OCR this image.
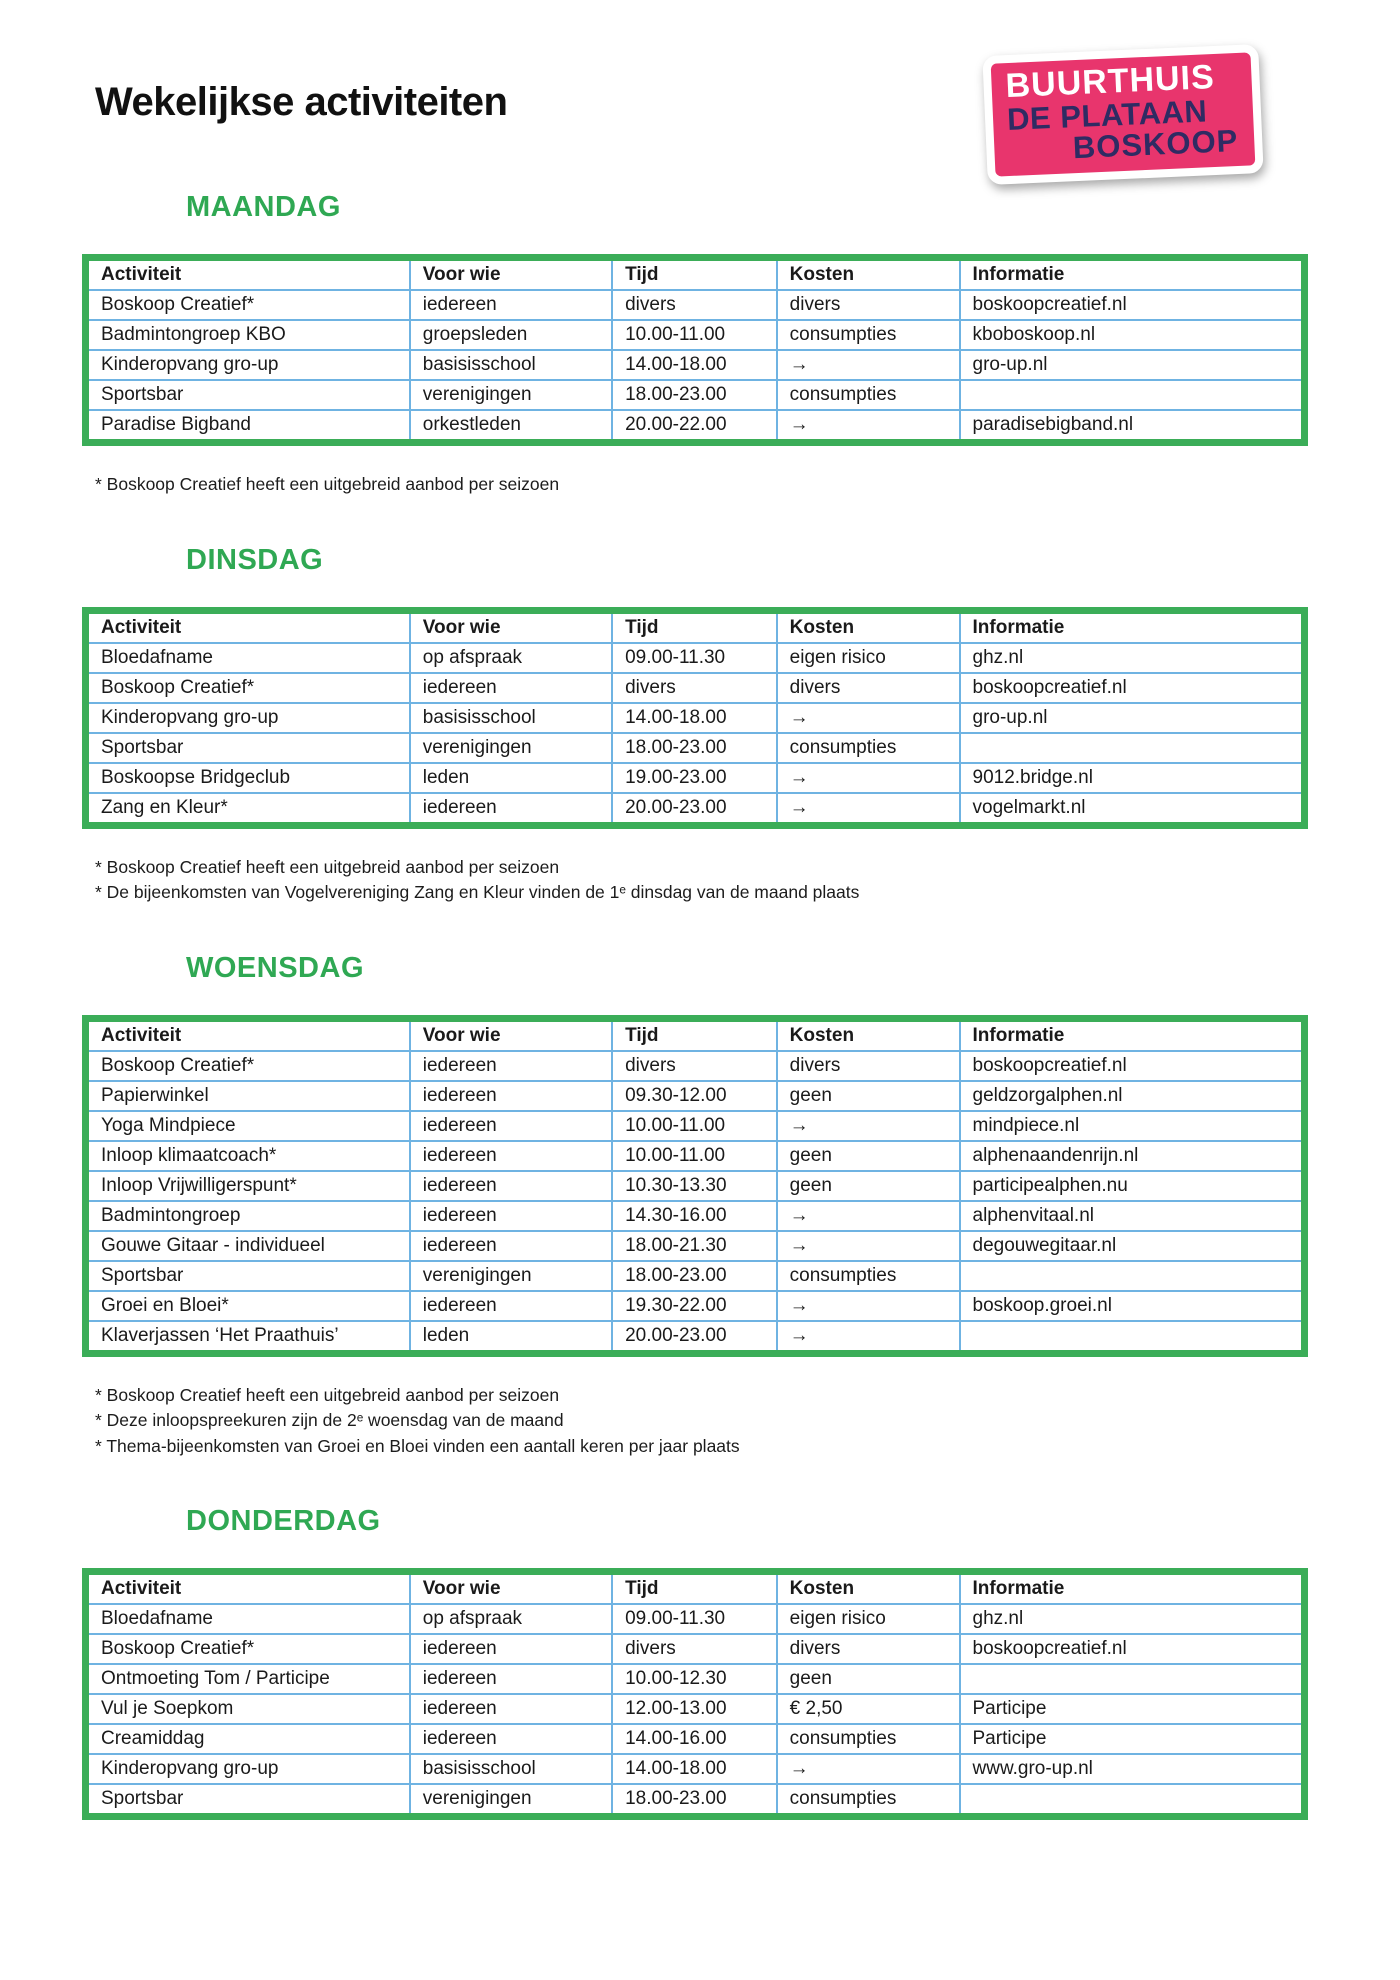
Wekelijkse activiteiten	BUURTHUIS
DE PLATAAN
BOSKOOP
MAANDAG
Activiteit	Voor wie	Tijd	Kosten	Informatie
Boskoop Creatief*	iedereen	divers	divers	boskoopcreatief.nl
Badmintongroep KBO	groepsleden	10.00-11.00	consumpties	kboboskoop.nl
Kinderopvang gro-up	basisisschool	14.00-18.00	→	gro-up.nl
Sportsbar	verenigingen	18.00-23.00	consumpties	
Paradise Bigband	orkestleden	20.00-22.00	→	paradisebigband.nl
* Boskoop Creatief heeft een uitgebreid aanbod per seizoen
DINSDAG
Activiteit	Voor wie	Tijd	Kosten	Informatie
Bloedafname	op afspraak	09.00-11.30	eigen risico	ghz.nl
Boskoop Creatief*	iedereen	divers	divers	boskoopcreatief.nl
Kinderopvang gro-up	basisisschool	14.00-18.00	→	gro-up.nl
Sportsbar	verenigingen	18.00-23.00	consumpties	
Boskoopse Bridgeclub	leden	19.00-23.00	→	9012.bridge.nl
Zang en Kleur*	iedereen	20.00-23.00	→	vogelmarkt.nl
* Boskoop Creatief heeft een uitgebreid aanbod per seizoen
* De bijeenkomsten van Vogelvereniging Zang en Kleur vinden de 1ᵉ dinsdag van de maand plaats
WOENSDAG
Activiteit	Voor wie	Tijd	Kosten	Informatie
Boskoop Creatief*	iedereen	divers	divers	boskoopcreatief.nl
Papierwinkel	iedereen	09.30-12.00	geen	geldzorgalphen.nl
Yoga Mindpiece	iedereen	10.00-11.00	→	mindpiece.nl
Inloop klimaatcoach*	iedereen	10.00-11.00	geen	alphenaandenrijn.nl
Inloop Vrijwilligerspunt*	iedereen	10.30-13.30	geen	participealphen.nu
Badmintongroep	iedereen	14.30-16.00	→	alphenvitaal.nl
Gouwe Gitaar - individueel	iedereen	18.00-21.30	→	degouwegitaar.nl
Sportsbar	verenigingen	18.00-23.00	consumpties	
Groei en Bloei*	iedereen	19.30-22.00	→	boskoop.groei.nl
Klaverjassen ‘Het Praathuis’	leden	20.00-23.00	→	
* Boskoop Creatief heeft een uitgebreid aanbod per seizoen
* Deze inloopspreekuren zijn de 2ᵉ woensdag van de maand
* Thema-bijeenkomsten van Groei en Bloei vinden een aantall keren per jaar plaats
DONDERDAG
Activiteit	Voor wie	Tijd	Kosten	Informatie
Bloedafname	op afspraak	09.00-11.30	eigen risico	ghz.nl
Boskoop Creatief*	iedereen	divers	divers	boskoopcreatief.nl
Ontmoeting Tom / Participe	iedereen	10.00-12.30	geen	
Vul je Soepkom	iedereen	12.00-13.00	€ 2,50	Participe
Creamiddag	iedereen	14.00-16.00	consumpties	Participe
Kinderopvang gro-up	basisisschool	14.00-18.00	→	www.gro-up.nl
Sportsbar	verenigingen	18.00-23.00	consumpties	
